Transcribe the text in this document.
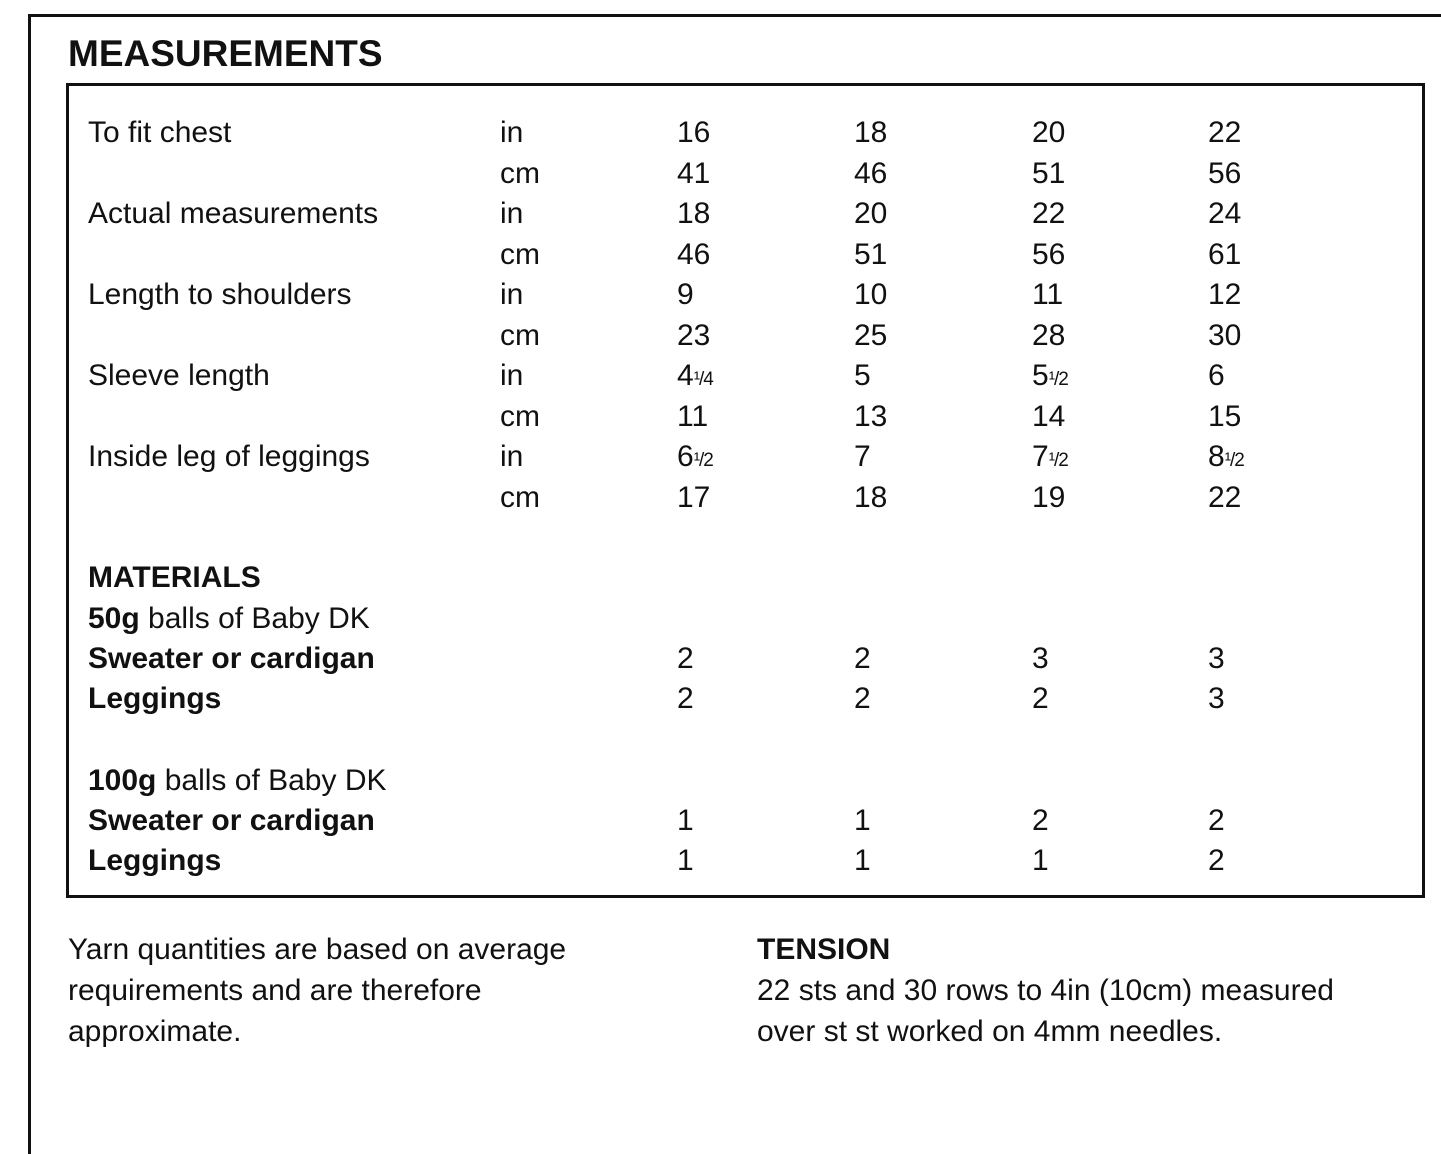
MEASUREMENTS
To fit chest	in	16	18	20	22
cm	41	46	51	56
Actual measurements	in	18	20	22	24
cm	46	51	56	61
Length to shoulders	in	9	10	11	12
cm	23	25	28	30
Sleeve length	in	4¹/4	5	5¹/2	6
cm	11	13	14	15
Inside leg of leggings	in	6¹/2	7	7¹/2	8¹/2
cm	17	18	19	22
MATERIALS
50g balls of Baby DK
Sweater or cardigan	2	2	3	3
Leggings	2	2	2	3
100g balls of Baby DK
Sweater or cardigan	1	1	2	2
Leggings	1	1	1	2
Yarn quantities are based on average
requirements and are therefore
approximate.
TENSION
22 sts and 30 rows to 4in (10cm) measured
over st st worked on 4mm needles.
